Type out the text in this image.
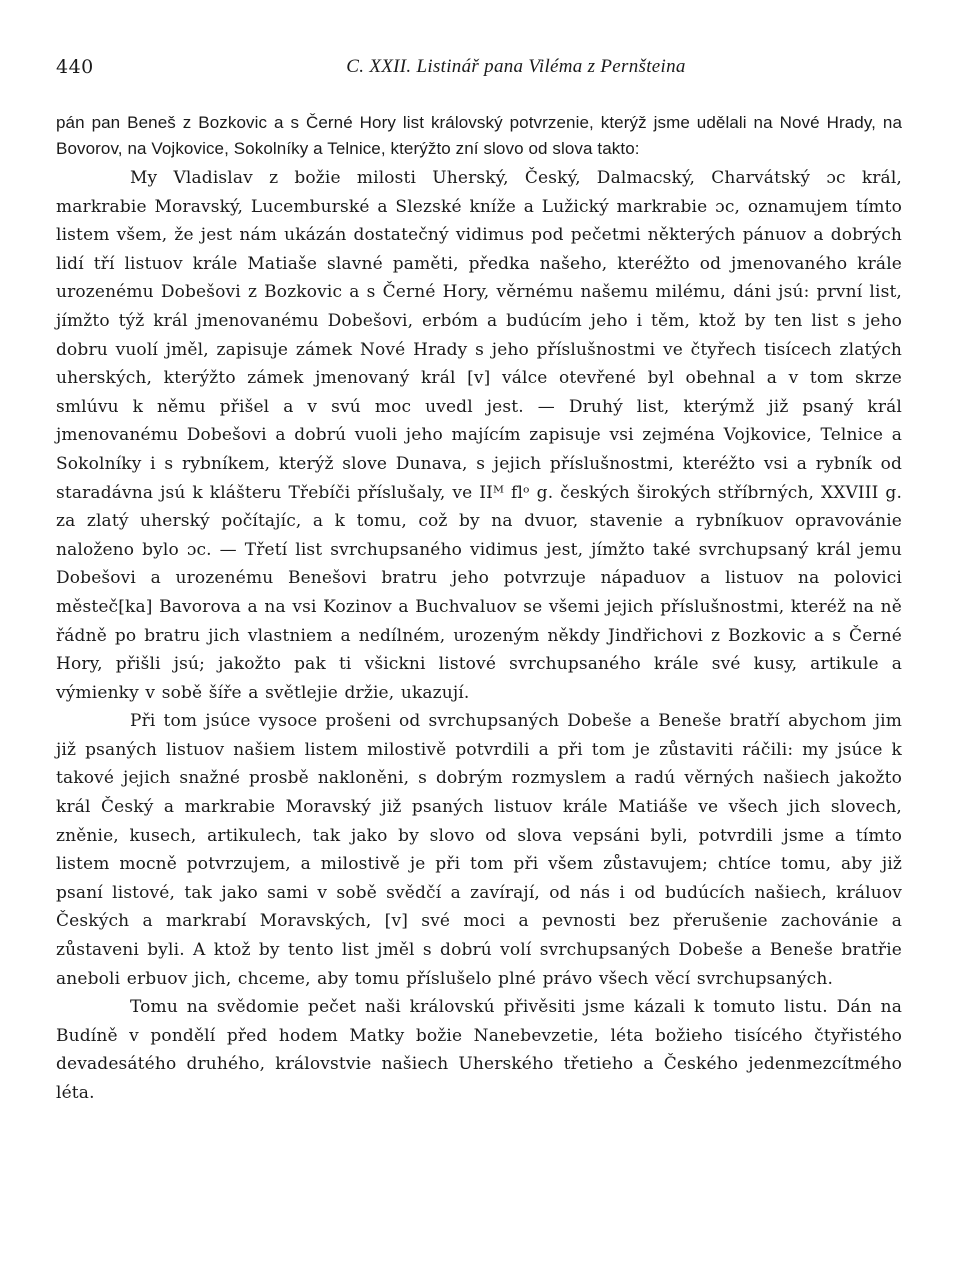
440	C. XXII. Listinář pana Viléma z Pernšteina

pán pan Beneš z Bozkovic a s Černé Hory list královský potvrzenie, kterýž jsme udělali na Nové Hrady, na Bovorov, na Vojkovice, Sokolníky a Telnice, kterýžto zní slovo od slova takto:

My Vladislav z božie milosti Uherský, Český, Dalmacský, Charvátský ɔc král, markrabie Moravský, Lucemburské a Slezské kníže a Lužický markrabie ɔc, oznamujem tímto listem všem, že jest nám ukázán dostatečný vidimus pod pečetmi některých pánuov a dobrých lidí tří listuov krále Matiaše slavné paměti, předka našeho, kteréžto od jmenovaného krále urozenému Dobešovi z Bozkovic a s Černé Hory, věrnému našemu milému, dáni jsú: první list, jímžto týž král jmenovanému Dobešovi, erbóm a budúcím jeho i těm, ktož by ten list s jeho dobru vuolí jměl, zapisuje zámek Nové Hrady s jeho příslušnostmi ve čtyřech tisícech zlatých uherských, kterýžto zámek jmenovaný král [v] válce otevřené byl obehnal a v tom skrze smlúvu k němu přišel a v svú moc uvedl jest. — Druhý list, kterýmž již psaný král jmenovanému Dobešovi a dobrú vuoli jeho majícím zapisuje vsi zejména Vojkovice, Telnice a Sokolníky i s rybníkem, kterýž slove Dunava, s jejich příslušnostmi, kteréžto vsi a rybník od staradávna jsú k klášteru Třebíči příslušaly, ve IIᴹ flᵒ g. českých širokých stříbrných, XXVIII g. za zlatý uherský počítajíc, a k tomu, což by na dvuor, stavenie a rybníkuov opravovánie naloženo bylo ɔc. — Třetí list svrchupsaného vidimus jest, jímžto také svrchupsaný král jemu Dobešovi a urozenému Benešovi bratru jeho potvrzuje nápaduov a listuov na polovici městeč[ka] Bavorova a na vsi Kozinov a Buchvaluov se všemi jejich příslušnostmi, kteréž na ně řádně po bratru jich vlastniem a nedílném, urozeným někdy Jindřichovi z Bozkovic a s Černé Hory, přišli jsú; jakožto pak ti všickni listové svrchupsaného krále své kusy, artikule a výmienky v sobě šíře a světlejie držie, ukazují.

Při tom jsúce vysoce prošeni od svrchupsaných Dobeše a Beneše bratří abychom jim již psaných listuov našiem listem milostivě potvrdili a při tom je zůstaviti ráčili: my jsúce k takové jejich snažné prosbě nakloněni, s dobrým rozmyslem a radú věrných našiech jakožto král Český a markrabie Moravský již psaných listuov krále Matiáše ve všech jich slovech, zněnie, kusech, artikulech, tak jako by slovo od slova vepsáni byli, potvrdili jsme a tímto listem mocně potvrzujem, a milostivě je při tom při všem zůstavujem; chtíce tomu, aby již psaní listové, tak jako sami v sobě svědčí a zavírají, od nás i od budúcích našiech, králuov Českých a markrabí Moravských, [v] své moci a pevnosti bez přerušenie zachovánie a zůstaveni byli. A ktož by tento list jměl s dobrú volí svrchupsaných Dobeše a Beneše bratřie aneboli erbuov jich, chceme, aby tomu příslušelo plné právo všech věcí svrchupsaných.

Tomu na svědomie pečet naši královskú přivěsiti jsme kázali k tomuto listu. Dán na Budíně v pondělí před hodem Matky božie Nanebevzetie, léta božieho tisícého čtyřistého devadesátého druhého, královstvie našiech Uherského třetieho a Českého jedenmezcítmého léta.
